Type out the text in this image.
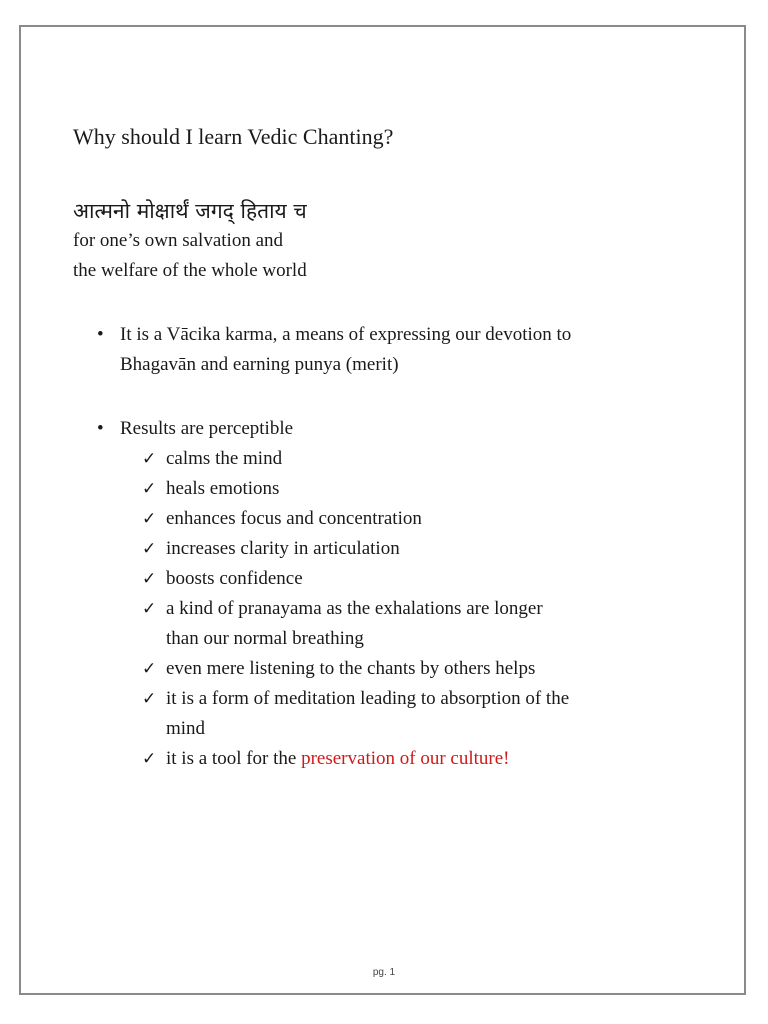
Why should I learn Vedic Chanting?
आत्मनो मोक्षार्थं जगद् हिताय च
for one’s own salvation and
the welfare of the whole world
• It is a Vācika karma, a means of expressing our devotion to
Bhagavān and earning punya (merit)
• Results are perceptible
✓ calms the mind
✓ heals emotions
✓ enhances focus and concentration
✓ increases clarity in articulation
✓ boosts confidence
✓ a kind of pranayama as the exhalations are longer
than our normal breathing
✓ even mere listening to the chants by others helps
✓ it is a form of meditation leading to absorption of the
mind
✓ it is a tool for the preservation of our culture!
pg. 1
